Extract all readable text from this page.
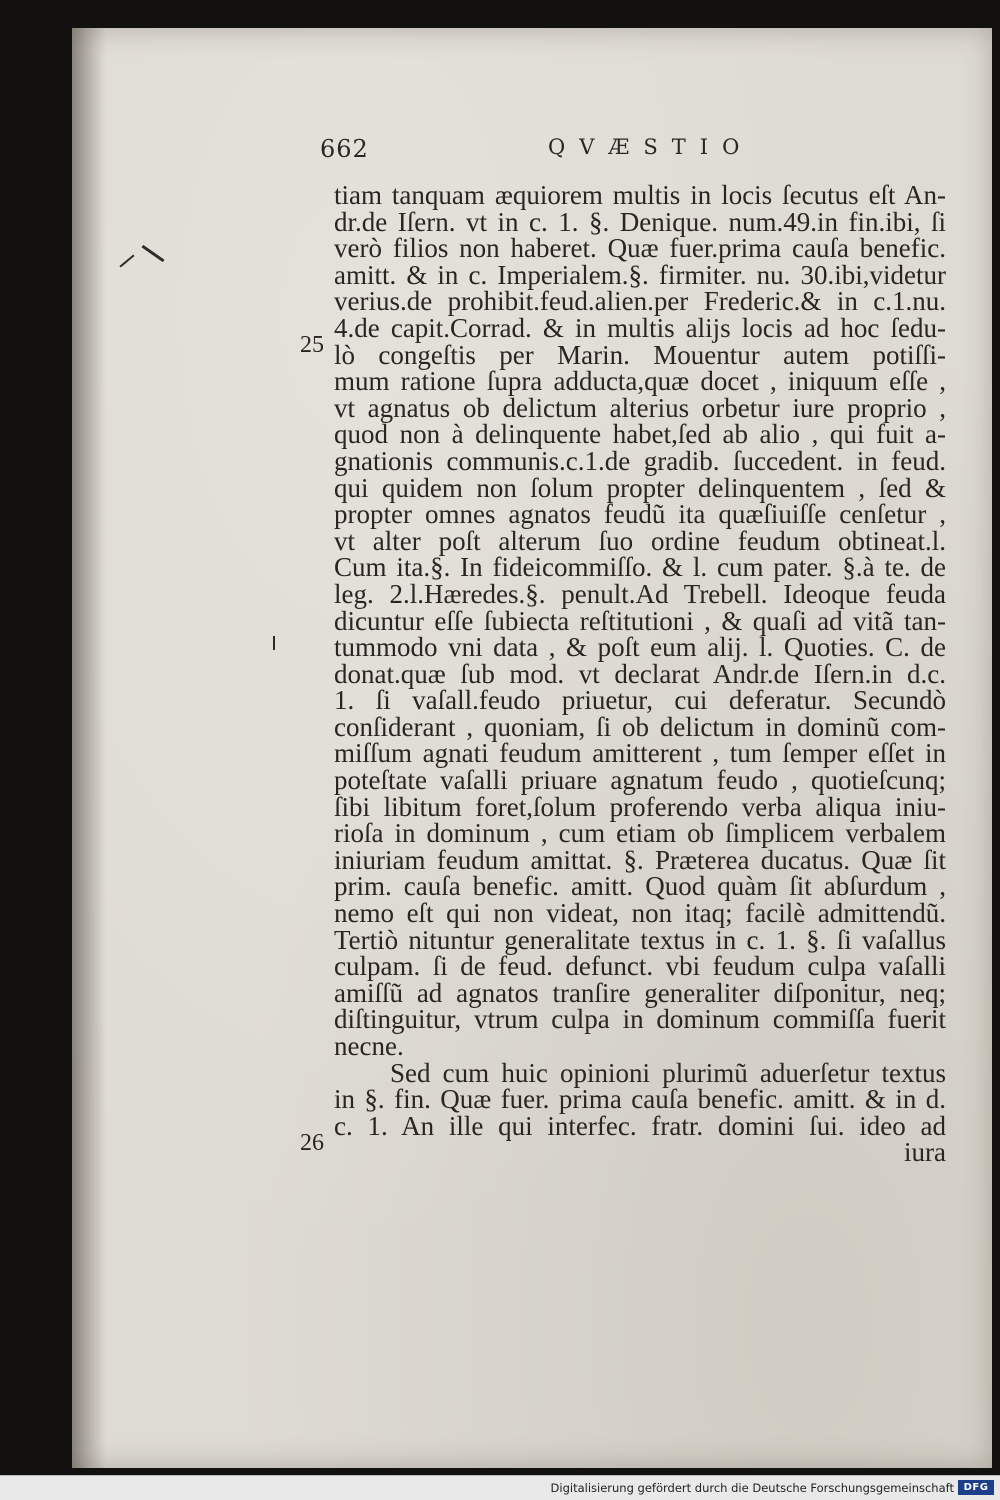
662	QVÆSTIO
25
26
tiam tanquam æquiorem multis in locis ſecutus eſt An-
dr.de Iſern. vt in c. 1. §. Denique. num.49.in fin.ibi, ſi
verò filios non haberet. Quæ fuer.prima cauſa benefic.
amitt. & in c. Imperialem.§. firmiter. nu. 30.ibi,videtur
verius.de prohibit.feud.alien.per Frederic.& in c.1.nu.
4.de capit.Corrad. & in multis alijs locis ad hoc ſedu-
lò congeſtis per Marin. Mouentur autem potiſſi-
mum ratione ſupra adducta,quæ docet , iniquum eſſe ,
vt agnatus ob delictum alterius orbetur iure proprio ,
quod non à delinquente habet,ſed ab alio , qui fuit a-
gnationis communis.c.1.de gradib. ſuccedent. in feud.
qui quidem non ſolum propter delinquentem , ſed &
propter omnes agnatos feudũ ita quæſiuiſſe cenſetur ,
vt alter poſt alterum ſuo ordine feudum obtineat.l.
Cum ita.§. In fideicommiſſo. & l. cum pater. §.à te. de
leg. 2.l.Hæredes.§. penult.Ad Trebell. Ideoque feuda
dicuntur eſſe ſubiecta reſtitutioni , & quaſi ad vitã tan-
tummodo vni data , & poſt eum alij. l. Quoties. C. de
donat.quæ ſub mod. vt declarat Andr.de Iſern.in d.c.
1. ſi vaſall.feudo priuetur, cui deferatur. Secundò
conſiderant , quoniam, ſi ob delictum in dominũ com-
miſſum agnati feudum amitterent , tum ſemper eſſet in
poteſtate vaſalli priuare agnatum feudo , quotieſcunq;
ſibi libitum foret,ſolum proferendo verba aliqua iniu-
rioſa in dominum , cum etiam ob ſimplicem verbalem
iniuriam feudum amittat. §. Præterea ducatus. Quæ ſit
prim. cauſa benefic. amitt. Quod quàm ſit abſurdum ,
nemo eſt qui non videat, non itaq; facilè admittendũ.
Tertiò nituntur generalitate textus in c. 1. §. ſi vaſallus
culpam. ſi de feud. defunct. vbi feudum culpa vaſalli
amiſſũ ad agnatos tranſire generaliter diſponitur, neq;
diſtinguitur, vtrum culpa in dominum commiſſa fuerit
necne.
Sed cum huic opinioni plurimũ aduerſetur textus
in §. fin. Quæ fuer. prima cauſa benefic. amitt. & in d.
c. 1. An ille qui interfec. fratr. domini ſui. ideo ad
iura
Digitalisierung gefördert durch die Deutsche Forschungsgemeinschaft DFG
